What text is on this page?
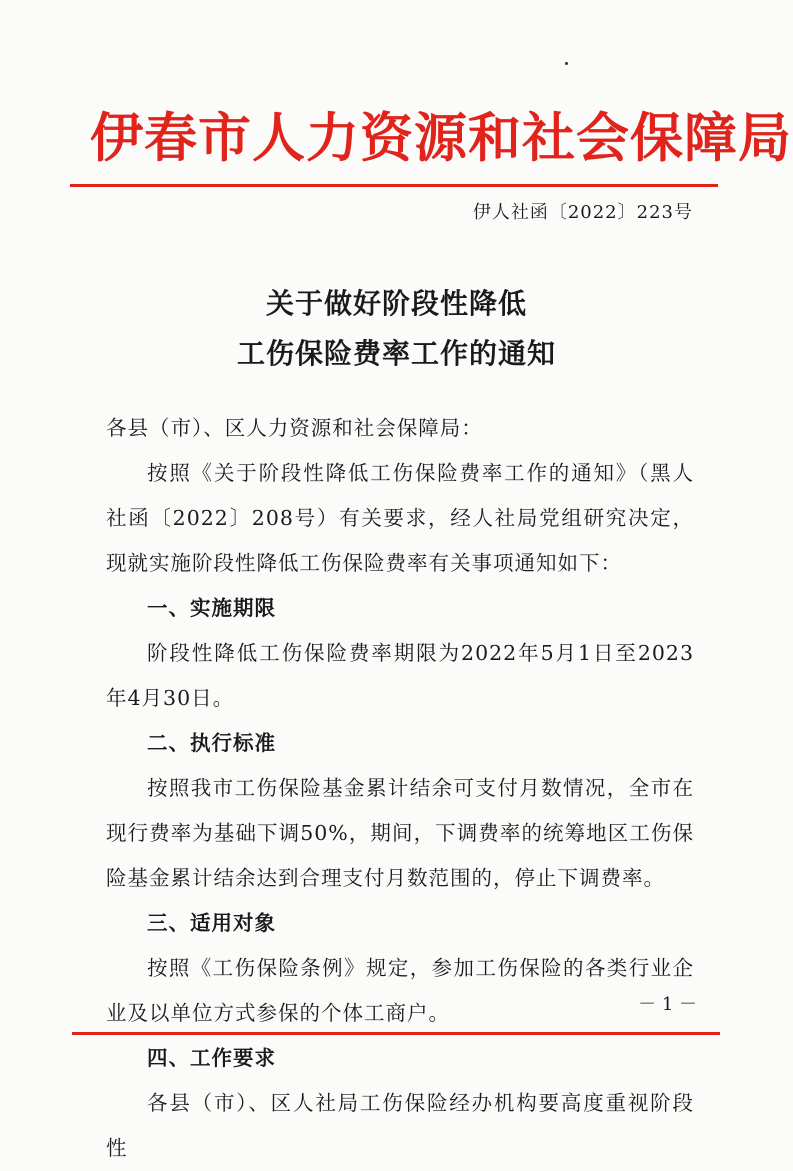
伊春市人力资源和社会保障局
伊人社函〔2022〕223号
关于做好阶段性降低
工伤保险费率工作的通知

各县（市）、区人力资源和社会保障局：

按照《关于阶段性降低工伤保险费率工作的通知》（黑人社函〔2022〕208号）有关要求，经人社局党组研究决定，现就实施阶段性降低工伤保险费率有关事项通知如下：

一、实施期限

阶段性降低工伤保险费率期限为2022年5月1日至2023年4月30日。

二、执行标准

按照我市工伤保险基金累计结余可支付月数情况，全市在现行费率为基础下调50%，期间，下调费率的统筹地区工伤保险基金累计结余达到合理支付月数范围的，停止下调费率。

三、适用对象

按照《工伤保险条例》规定，参加工伤保险的各类行业企业及以单位方式参保的个体工商户。

四、工作要求

各县（市）、区人社局工伤保险经办机构要高度重视阶段性

－ 1 －
